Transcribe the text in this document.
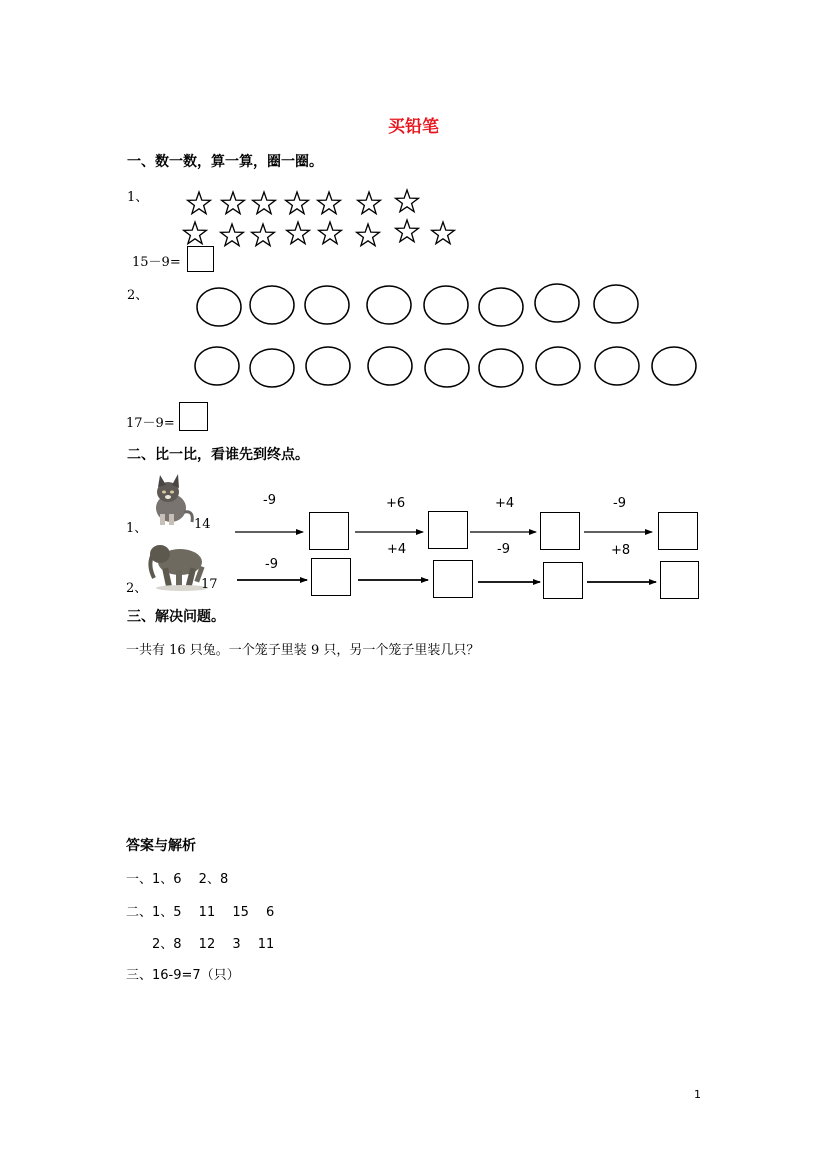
买铅笔
一、数一数，算一算，圈一圈。
1、
15－9=
2、
17－9=
二、比一比，看谁先到终点。
1、	14
-9	+6	+4	-9
2、	17
-9
+4	-9	+8
三、解决问题。
一共有 16 只兔。一个笼子里装 9 只，另一个笼子里装几只？
答案与解析
一、1、6　 2、8
二、1、5　 11　 15　 6
　　2、8　 12　 3　 11
三、16-9=7（只）
1
